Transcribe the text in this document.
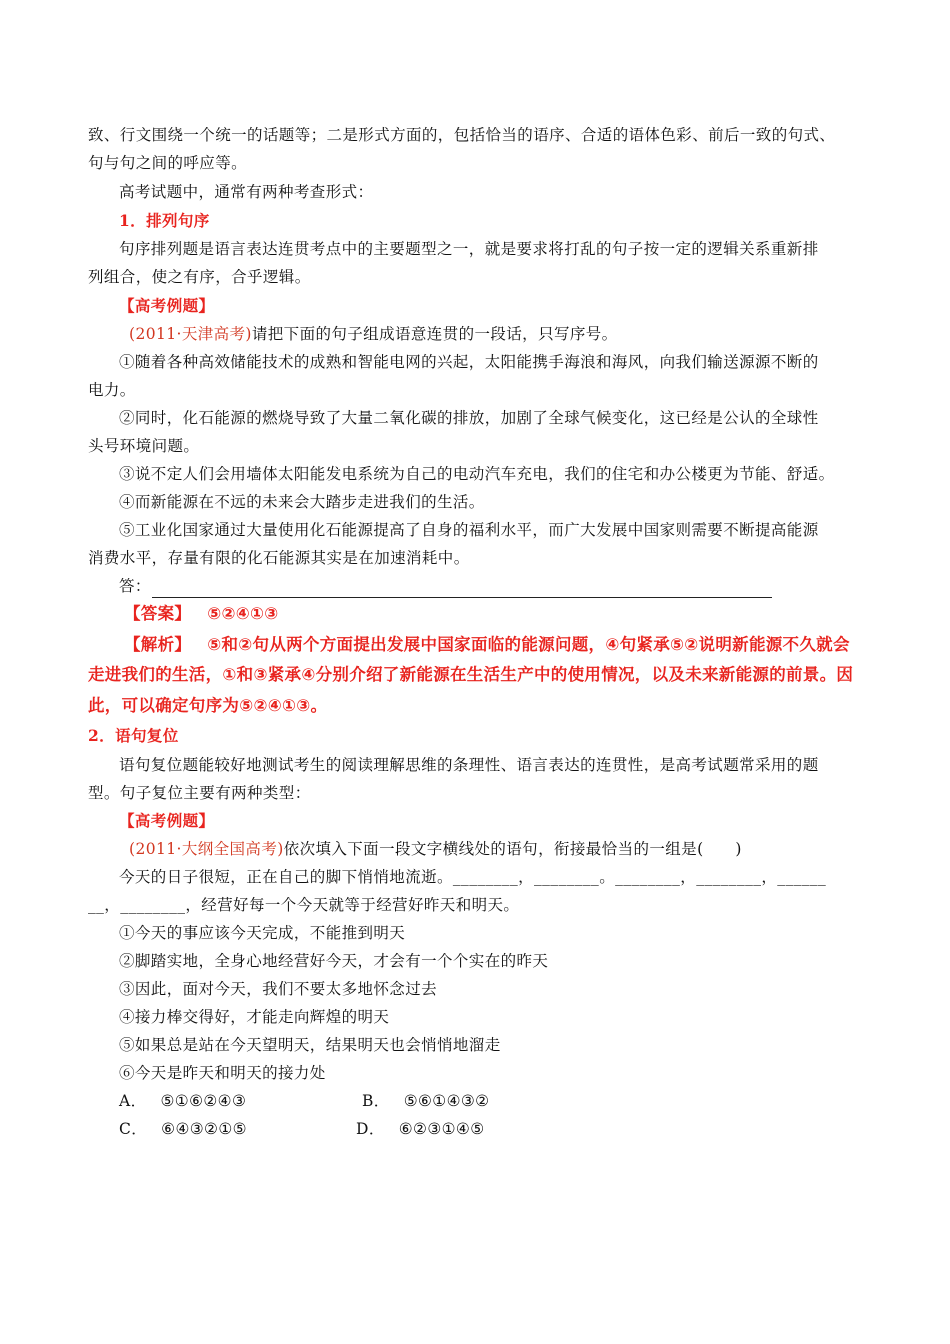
致、行文围绕一个统一的话题等；二是形式方面的，包括恰当的语序、合适的语体色彩、前后一致的句式、
句与句之间的呼应等。
高考试题中，通常有两种考查形式：
1．排列句序
句序排列题是语言表达连贯考点中的主要题型之一，就是要求将打乱的句子按一定的逻辑关系重新排
列组合，使之有序，合乎逻辑。
【高考例题】
(2011·天津高考)请把下面的句子组成语意连贯的一段话，只写序号。
①随着各种高效储能技术的成熟和智能电网的兴起，太阳能携手海浪和海风，向我们输送源源不断的
电力。
②同时，化石能源的燃烧导致了大量二氧化碳的排放，加剧了全球气候变化，这已经是公认的全球性
头号环境问题。
③说不定人们会用墙体太阳能发电系统为自己的电动汽车充电，我们的住宅和办公楼更为节能、舒适。
④而新能源在不远的未来会大踏步走进我们的生活。
⑤工业化国家通过大量使用化石能源提高了自身的福利水平，而广大发展中国家则需要不断提高能源
消费水平，存量有限的化石能源其实是在加速消耗中。
答：
【答案】 ⑤②④①③
【解析】 ⑤和②句从两个方面提出发展中国家面临的能源问题，④句紧承⑤②说明新能源不久就会
走进我们的生活，①和③紧承④分别介绍了新能源在生活生产中的使用情况，以及未来新能源的前景。因
此，可以确定句序为⑤②④①③。
2．语句复位
语句复位题能较好地测试考生的阅读理解思维的条理性、语言表达的连贯性，是高考试题常采用的题
型。句子复位主要有两种类型：
【高考例题】
(2011·大纲全国高考)依次填入下面一段文字横线处的语句，衔接最恰当的一组是(　　)
今天的日子很短，正在自己的脚下悄悄地流逝。________，________。________，________，______
__，________，经营好每一个今天就等于经营好昨天和明天。
①今天的事应该今天完成，不能推到明天
②脚踏实地，全身心地经营好今天，才会有一个个实在的昨天
③因此，面对今天，我们不要太多地怀念过去
④接力棒交得好，才能走向辉煌的明天
⑤如果总是站在今天望明天，结果明天也会悄悄地溜走
⑥今天是昨天和明天的接力处
A． ⑤①⑥②④③	B． ⑤⑥①④③②
C． ⑥④③②①⑤	D． ⑥②③①④⑤
